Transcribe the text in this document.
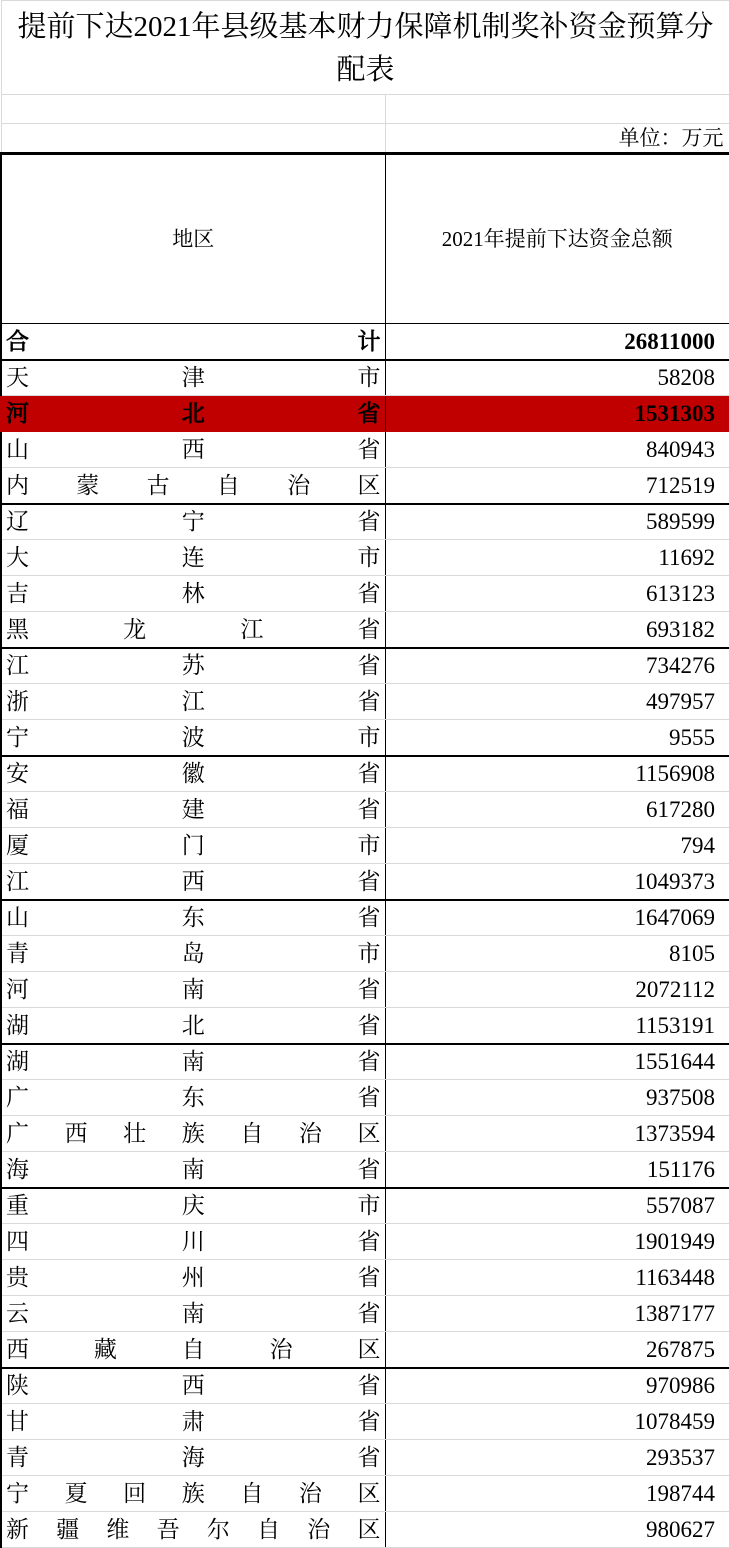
提前下达2021年县级基本财力保障机制奖补资金预算分配表	

	单位：万元
地区	2021年提前下达资金总额

合计	26811000

天津市	58208

河北省	1531303

山西省	840943

内蒙古自治区	712519

辽宁省	589599

大连市	11692

吉林省	613123

黑龙江省	693182

江苏省	734276

浙江省	497957

宁波市	9555

安徽省	1156908

福建省	617280

厦门市	794

江西省	1049373

山东省	1647069

青岛市	8105

河南省	2072112

湖北省	1153191

湖南省	1551644

广东省	937508

广西壮族自治区	1373594

海南省	151176

重庆市	557087

四川省	1901949

贵州省	1163448

云南省	1387177

西藏自治区	267875

陕西省	970986

甘肃省	1078459

青海省	293537

宁夏回族自治区	198744

新疆维吾尔自治区	980627
